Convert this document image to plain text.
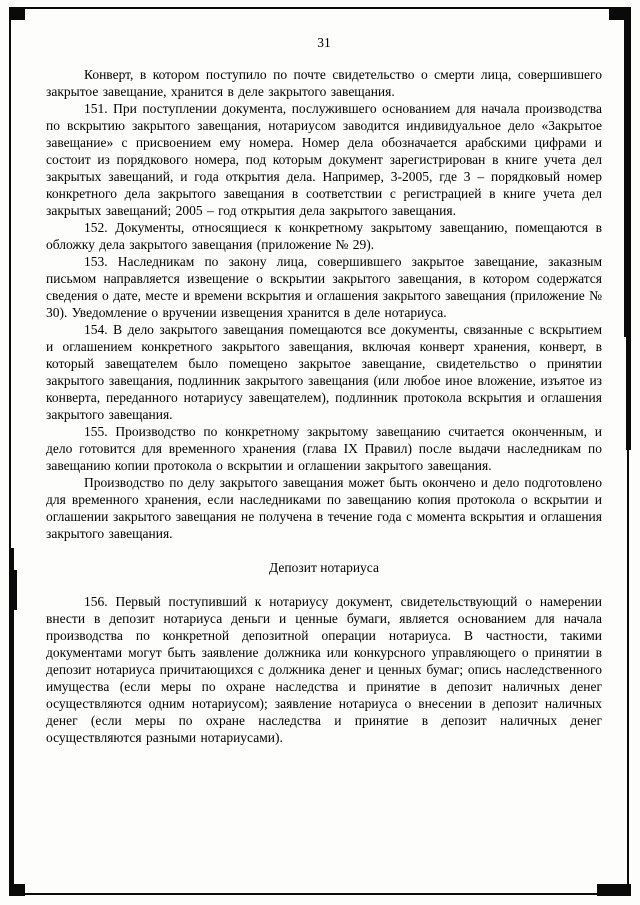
31

Конверт, в котором поступило по почте свидетельство о смерти лица, совершившего закрытое завещание, хранится в деле закрытого завещания.

151. При поступлении документа, послужившего основанием для начала производства по вскрытию закрытого завещания, нотариусом заводится индивидуальное дело «Закрытое завещание» с присвоением ему номера. Номер дела обозначается арабскими цифрами и состоит из порядкового номера, под которым документ зарегистрирован в книге учета дел закрытых завещаний, и года открытия дела. Например, 3-2005, где 3 – порядковый номер конкретного дела закрытого завещания в соответствии с регистрацией в книге учета дел закрытых завещаний; 2005 – год открытия дела закрытого завещания.

152. Документы, относящиеся к конкретному закрытому завещанию, помещаются в обложку дела закрытого завещания (приложение № 29).

153. Наследникам по закону лица, совершившего закрытое завещание, заказным письмом направляется извещение о вскрытии закрытого завещания, в котором содержатся сведения о дате, месте и времени вскрытия и оглашения закрытого завещания (приложение № 30). Уведомление о вручении извещения хранится в деле нотариуса.

154. В дело закрытого завещания помещаются все документы, связанные с вскрытием и оглашением конкретного закрытого завещания, включая конверт хранения, конверт, в который завещателем было помещено закрытое завещание, свидетельство о принятии закрытого завещания, подлинник закрытого завещания (или любое иное вложение, изъятое из конверта, переданного нотариусу завещателем), подлинник протокола вскрытия и оглашения закрытого завещания.

155. Производство по конкретному закрытому завещанию считается оконченным, и дело готовится для временного хранения (глава IX Правил) после выдачи наследникам по завещанию копии протокола о вскрытии и оглашении закрытого завещания.

Производство по делу закрытого завещания может быть окончено и дело подготовлено для временного хранения, если наследниками по завещанию копия протокола о вскрытии и оглашении закрытого завещания не получена в течение года с момента вскрытия и оглашения закрытого завещания.

Депозит нотариуса

156. Первый поступивший к нотариусу документ, свидетельствующий о намерении внести в депозит нотариуса деньги и ценные бумаги, является основанием для начала производства по конкретной депозитной операции нотариуса. В частности, такими документами могут быть заявление должника или конкурсного управляющего о принятии в депозит нотариуса причитающихся с должника денег и ценных бумаг; опись наследственного имущества (если меры по охране наследства и принятие в депозит наличных денег осуществляются одним нотариусом); заявление нотариуса о внесении в депозит наличных денег (если меры по охране наследства и принятие в депозит наличных денег осуществляются разными нотариусами).
